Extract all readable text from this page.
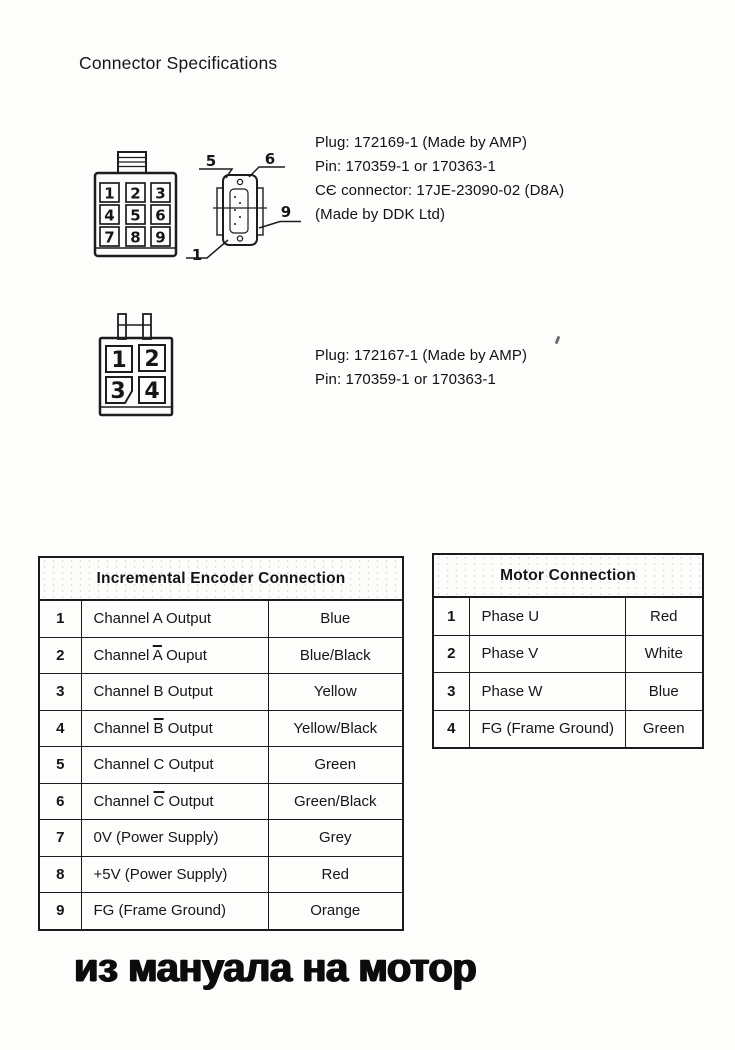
Connector Specifications
1 2 3
4 5 6
7 8 9
5	6
9
1
Plug: 172169-1 (Made by AMP)
Pin: 170359-1 or 170363-1
CЄ connector: 17JE-23090-02 (D8A)
(Made by DDK Ltd)
1 2
3 4
Plug: 172167-1 (Made by AMP)
Pin: 170359-1 or 170363-1
Incremental Encoder Connection		
1	Channel A Output	Blue
2	Channel $\overline{A}$ Ouput	Blue/Black
3	Channel B Output	Yellow
4	Channel $\overline{B}$ Output	Yellow/Black
5	Channel C Output	Green
6	Channel $\overline{C}$ Output	Green/Black
7	0V (Power Supply)	Grey
8	+5V (Power Supply)	Red
9	FG (Frame Ground)	Orange
Motor Connection		
1	Phase U	Red
2	Phase V	White
3	Phase W	Blue
4	FG (Frame Ground)	Green
из мануала на мотор
